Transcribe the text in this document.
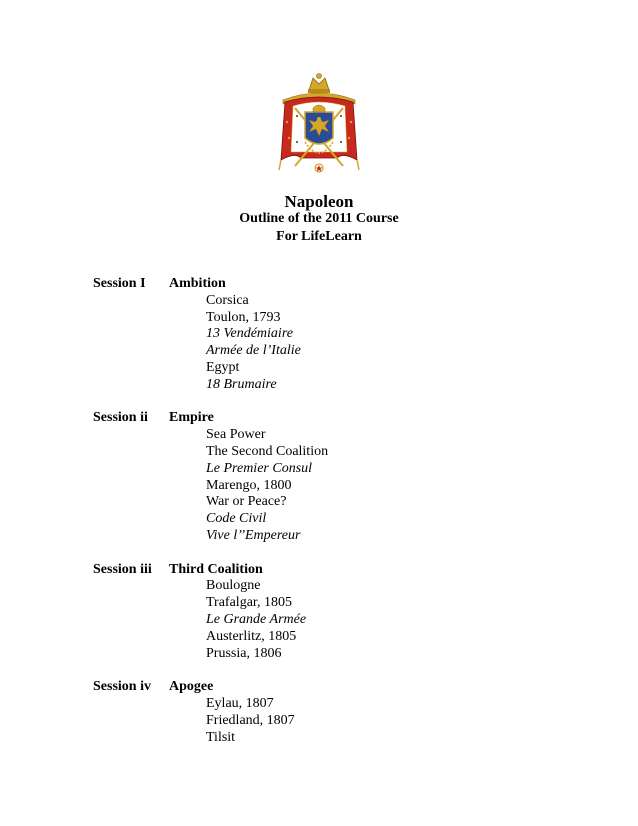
Napoleon
Outline of the 2011 Course
For LifeLearn
Session I	Ambition
Corsica
Toulon, 1793
13 Vendémiaire
Armée de l’Italie
Egypt
18 Brumaire
Session ii	Empire
Sea Power
The Second Coalition
Le Premier Consul
Marengo, 1800
War or Peace?
Code Civil
Vive l’’Empereur
Session iii	Third Coalition
Boulogne
Trafalgar, 1805
Le Grande Armée
Austerlitz, 1805
Prussia, 1806
Session iv	Apogee
Eylau, 1807
Friedland, 1807
Tilsit
